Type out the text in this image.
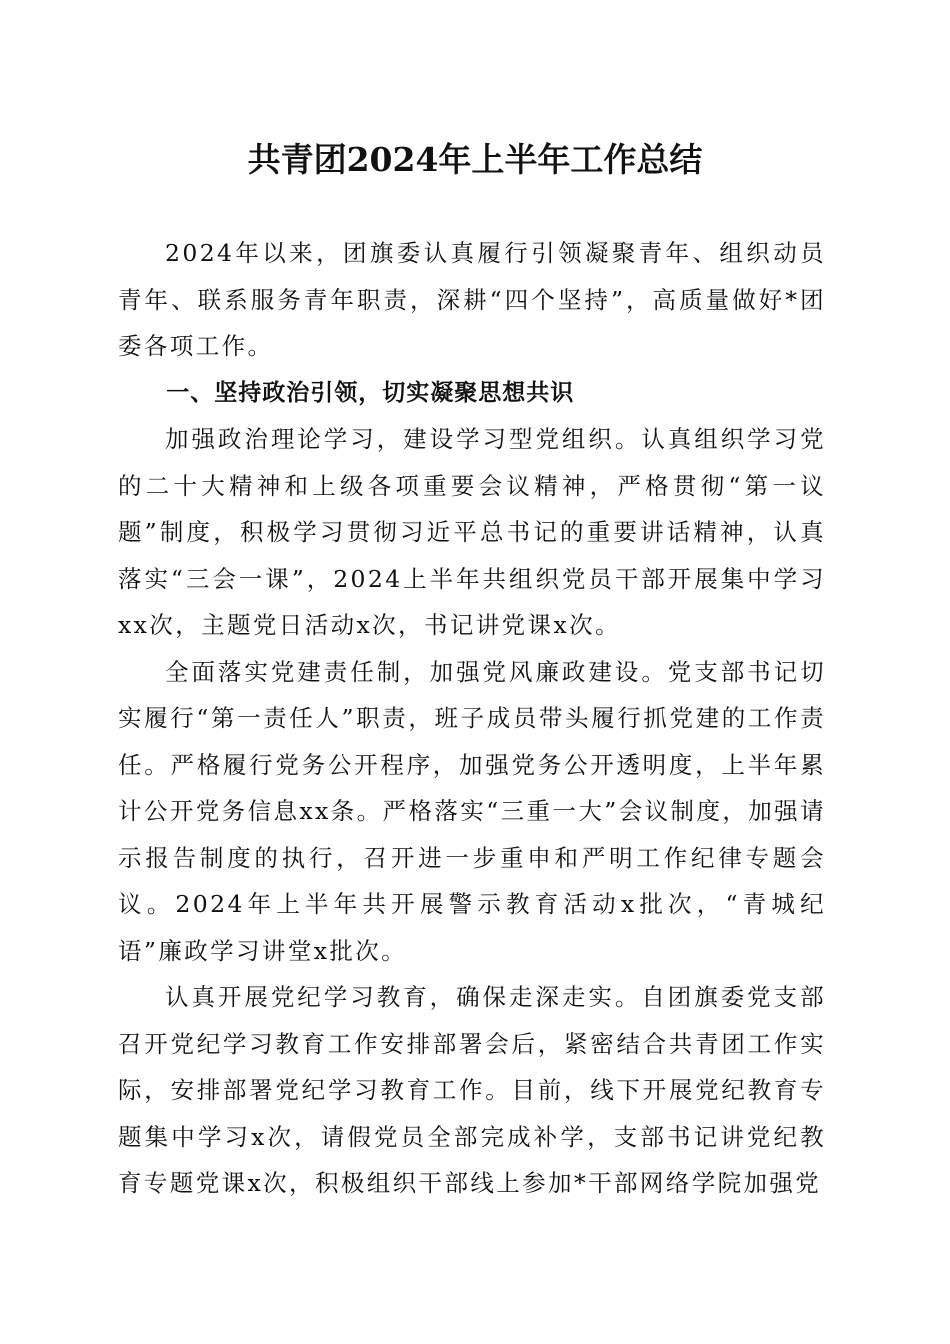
共青团2024年上半年工作总结

2024年以来，团旗委认真履行引领凝聚青年、组织动员青年、联系服务青年职责，深耕“四个坚持”，高质量做好*团委各项工作。

一、坚持政治引领，切实凝聚思想共识

加强政治理论学习，建设学习型党组织。认真组织学习党的二十大精神和上级各项重要会议精神，严格贯彻“第一议题”制度，积极学习贯彻习近平总书记的重要讲话精神，认真落实“三会一课”，2024上半年共组织党员干部开展集中学习xx次，主题党日活动x次，书记讲党课x次。

全面落实党建责任制，加强党风廉政建设。党支部书记切实履行“第一责任人”职责，班子成员带头履行抓党建的工作责任。严格履行党务公开程序，加强党务公开透明度，上半年累计公开党务信息xx条。严格落实“三重一大”会议制度，加强请示报告制度的执行，召开进一步重申和严明工作纪律专题会议。2024年上半年共开展警示教育活动x批次，“青城纪语”廉政学习讲堂x批次。

认真开展党纪学习教育，确保走深走实。自团旗委党支部召开党纪学习教育工作安排部署会后，紧密结合共青团工作实际，安排部署党纪学习教育工作。目前，线下开展党纪教育专题集中学习x次，请假党员全部完成补学，支部书记讲党纪教育专题党课x次，积极组织干部线上参加*干部网络学院加强党
